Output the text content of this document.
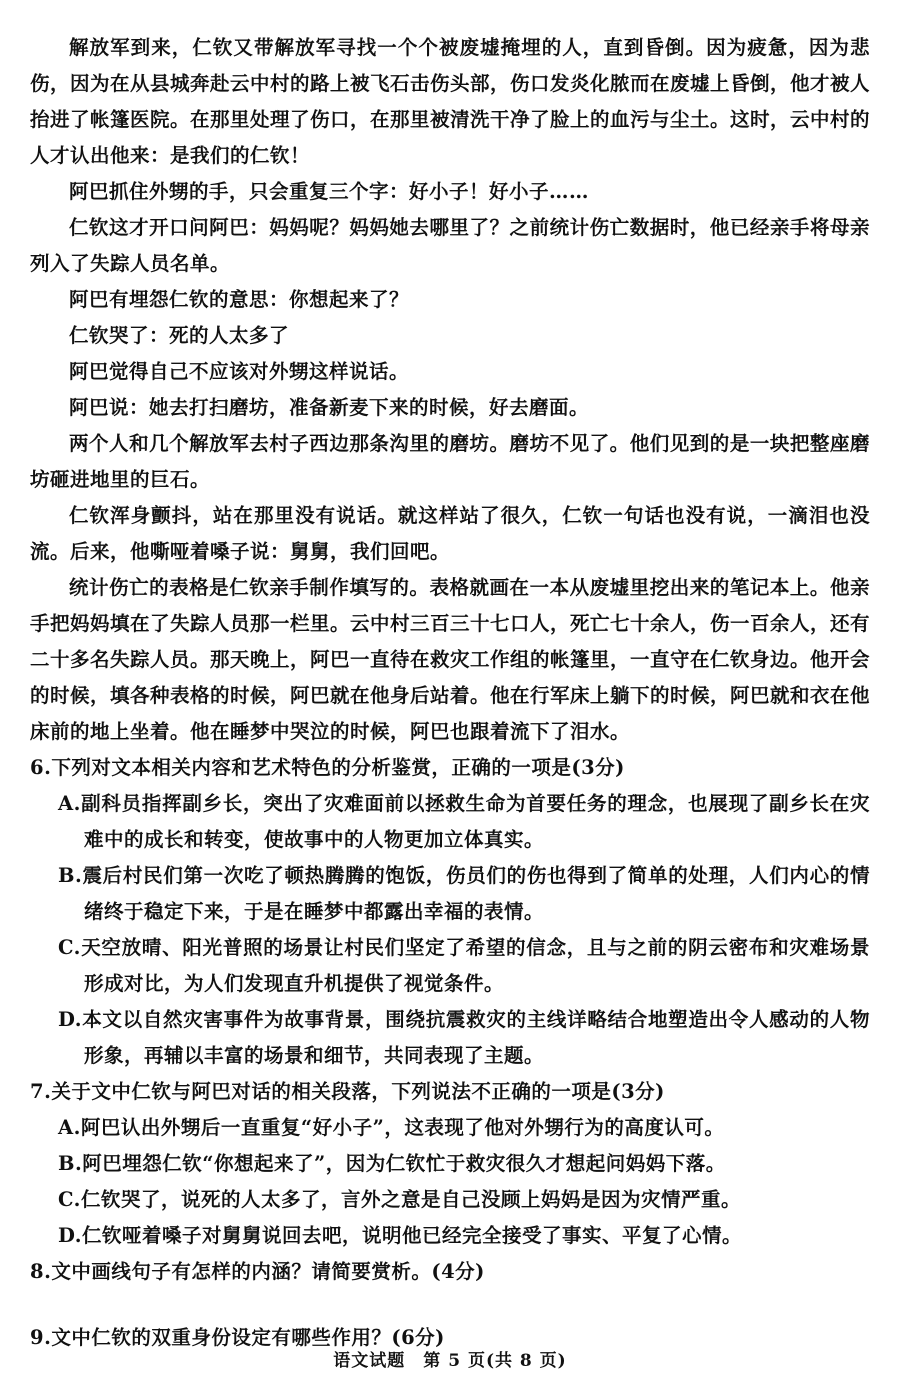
解放军到来，仁钦又带解放军寻找一个个被废墟掩埋的人，直到昏倒。因为疲惫，因为悲伤，因为在从县城奔赴云中村的路上被飞石击伤头部，伤口发炎化脓而在废墟上昏倒，他才被人抬进了帐篷医院。在那里处理了伤口，在那里被清洗干净了脸上的血污与尘土。这时，云中村的人才认出他来：是我们的仁钦！

阿巴抓住外甥的手，只会重复三个字：好小子！好小子……

仁钦这才开口问阿巴：妈妈呢？妈妈她去哪里了？之前统计伤亡数据时，他已经亲手将母亲列入了失踪人员名单。

阿巴有埋怨仁钦的意思：你想起来了？

仁钦哭了：死的人太多了

阿巴觉得自己不应该对外甥这样说话。

阿巴说：她去打扫磨坊，准备新麦下来的时候，好去磨面。

两个人和几个解放军去村子西边那条沟里的磨坊。磨坊不见了。他们见到的是一块把整座磨坊砸进地里的巨石。

仁钦浑身颤抖，站在那里没有说话。就这样站了很久，仁钦一句话也没有说，一滴泪也没流。后来，他嘶哑着嗓子说：舅舅，我们回吧。

统计伤亡的表格是仁钦亲手制作填写的。表格就画在一本从废墟里挖出来的笔记本上。他亲手把妈妈填在了失踪人员那一栏里。云中村三百三十七口人，死亡七十余人，伤一百余人，还有二十多名失踪人员。那天晚上，阿巴一直待在救灾工作组的帐篷里，一直守在仁钦身边。他开会的时候，填各种表格的时候，阿巴就在他身后站着。他在行军床上躺下的时候，阿巴就和衣在他床前的地上坐着。他在睡梦中哭泣的时候，阿巴也跟着流下了泪水。

6.下列对文本相关内容和艺术特色的分析鉴赏，正确的一项是(3分)

A.副科员指挥副乡长，突出了灾难面前以拯救生命为首要任务的理念，也展现了副乡长在灾难中的成长和转变，使故事中的人物更加立体真实。

B.震后村民们第一次吃了顿热腾腾的饱饭，伤员们的伤也得到了简单的处理，人们内心的情绪终于稳定下来，于是在睡梦中都露出幸福的表情。

C.天空放晴、阳光普照的场景让村民们坚定了希望的信念，且与之前的阴云密布和灾难场景形成对比，为人们发现直升机提供了视觉条件。

D.本文以自然灾害事件为故事背景，围绕抗震救灾的主线详略结合地塑造出令人感动的人物形象，再辅以丰富的场景和细节，共同表现了主题。

7.关于文中仁钦与阿巴对话的相关段落，下列说法不正确的一项是(3分)

A.阿巴认出外甥后一直重复“好小子”，这表现了他对外甥行为的高度认可。

B.阿巴埋怨仁钦“你想起来了”，因为仁钦忙于救灾很久才想起问妈妈下落。

C.仁钦哭了，说死的人太多了，言外之意是自己没顾上妈妈是因为灾情严重。

D.仁钦哑着嗓子对舅舅说回去吧，说明他已经完全接受了事实、平复了心情。

8.文中画线句子有怎样的内涵？请简要赏析。(4分)

9.文中仁钦的双重身份设定有哪些作用？(6分)

语文试题　第 5 页(共 8 页)
